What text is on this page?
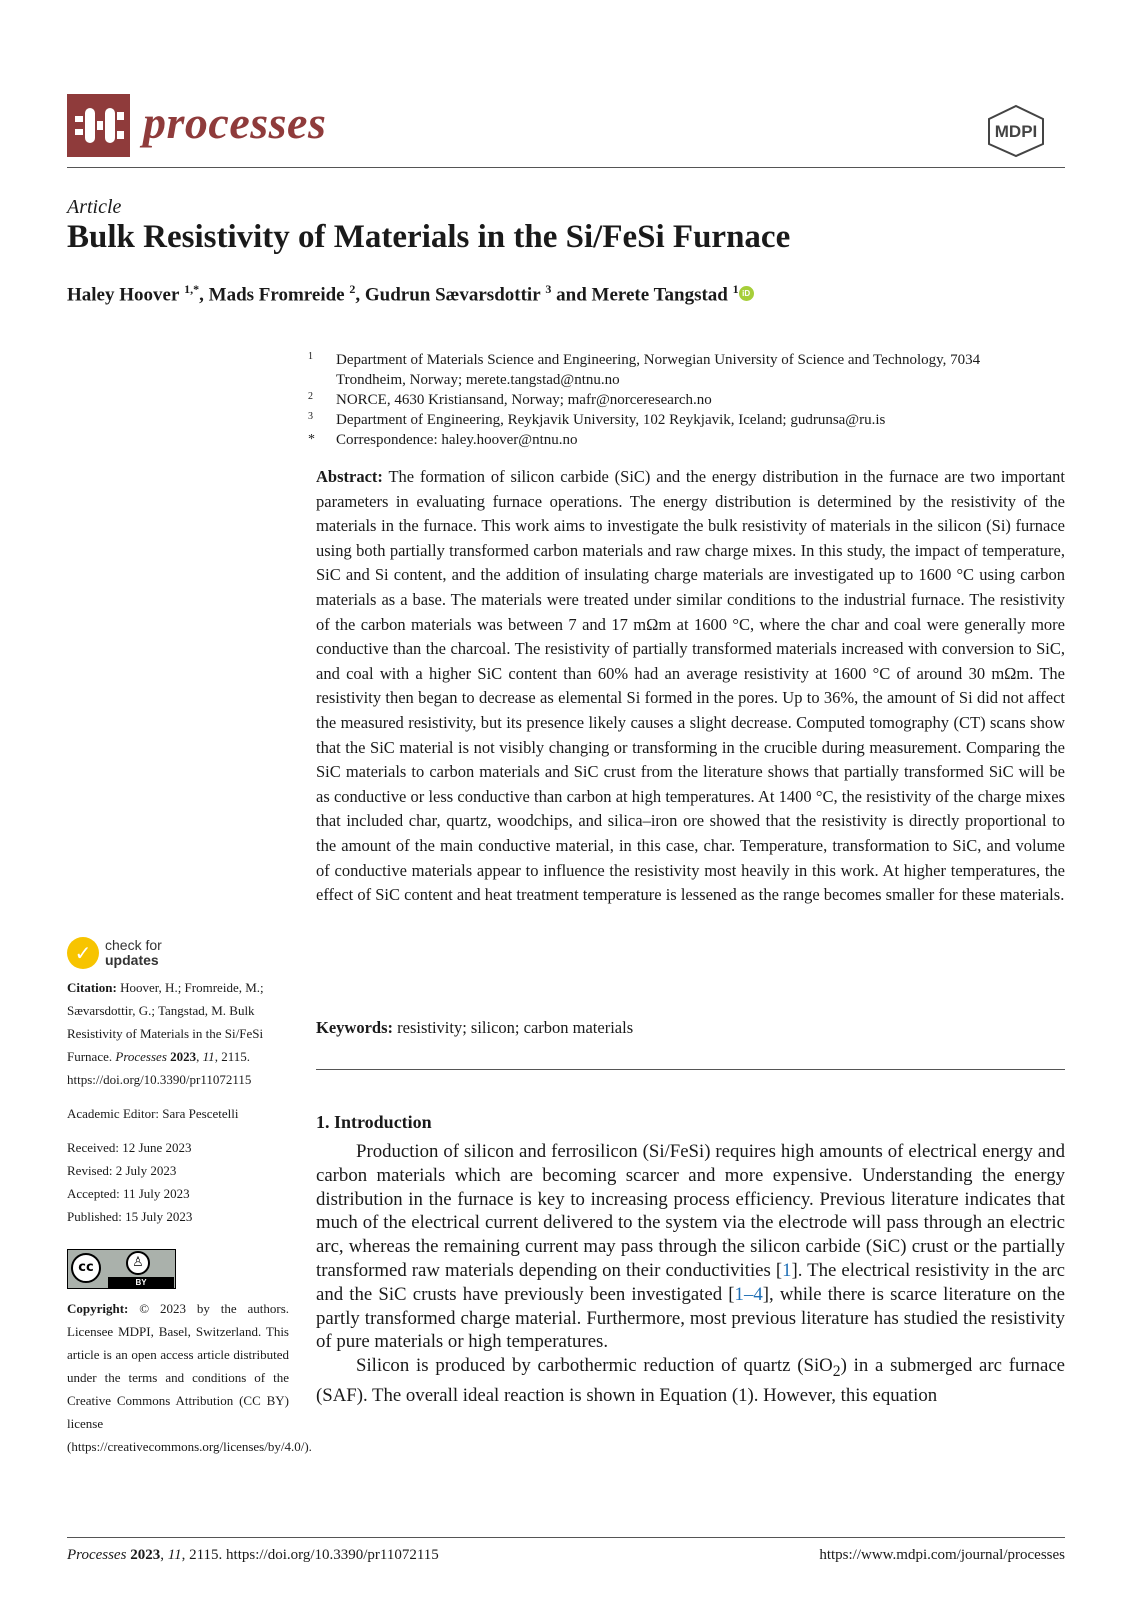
processes	MDPI
Article
Bulk Resistivity of Materials in the Si/FeSi Furnace
Haley Hoover $^{1,*}$, Mads Fromreide $^2$, Gudrun Sævarsdottir $^3$ and Merete Tangstad $^1$ iD
1	Department of Materials Science and Engineering, Norwegian University of Science and Technology, 7034 Trondheim, Norway; merete.tangstad@ntnu.no
2	NORCE, 4630 Kristiansand, Norway; mafr@norceresearch.no
3	Department of Engineering, Reykjavik University, 102 Reykjavik, Iceland; gudrunsa@ru.is
*	Correspondence: haley.hoover@ntnu.no
Abstract: The formation of silicon carbide (SiC) and the energy distribution in the furnace are two important parameters in evaluating furnace operations. The energy distribution is determined by the resistivity of the materials in the furnace. This work aims to investigate the bulk resistivity of materials in the silicon (Si) furnace using both partially transformed carbon materials and raw charge mixes. In this study, the impact of temperature, SiC and Si content, and the addition of insulating charge materials are investigated up to 1600 °C using carbon materials as a base. The materials were treated under similar conditions to the industrial furnace. The resistivity of the carbon materials was between 7 and 17 mΩm at 1600 °C, where the char and coal were generally more conductive than the charcoal. The resistivity of partially transformed materials increased with conversion to SiC, and coal with a higher SiC content than 60% had an average resistivity at 1600 °C of around 30 mΩm. The resistivity then began to decrease as elemental Si formed in the pores. Up to 36%, the amount of Si did not affect the measured resistivity, but its presence likely causes a slight decrease. Computed tomography (CT) scans show that the SiC material is not visibly changing or transforming in the crucible during measurement. Comparing the SiC materials to carbon materials and SiC crust from the literature shows that partially transformed SiC will be as conductive or less conductive than carbon at high temperatures. At 1400 °C, the resistivity of the charge mixes that included char, quartz, woodchips, and silica–iron ore showed that the resistivity is directly proportional to the amount of the main conductive material, in this case, char. Temperature, transformation to SiC, and volume of conductive materials appear to influence the resistivity most heavily in this work. At higher temperatures, the effect of SiC content and heat treatment temperature is lessened as the range becomes smaller for these materials.
Keywords: resistivity; silicon; carbon materials
1. Introduction

Production of silicon and ferrosilicon (Si/FeSi) requires high amounts of electrical energy and carbon materials which are becoming scarcer and more expensive. Understanding the energy distribution in the furnace is key to increasing process efficiency. Previous literature indicates that much of the electrical current delivered to the system via the electrode will pass through an electric arc, whereas the remaining current may pass through the silicon carbide (SiC) crust or the partially transformed raw materials depending on their conductivities [1]. The electrical resistivity in the arc and the SiC crusts have previously been investigated [1–4], while there is scarce literature on the partly transformed charge material. Furthermore, most previous literature has studied the resistivity of pure materials or high temperatures.

Silicon is produced by carbothermic reduction of quartz (SiO$_2$) in a submerged arc furnace (SAF). The overall ideal reaction is shown in Equation (1). However, this equation

✓ check for
updates
Citation: Hoover, H.; Fromreide, M.; Sævarsdottir, G.; Tangstad, M. Bulk Resistivity of Materials in the Si/FeSi Furnace. Processes 2023, 11, 2115. https://doi.org/10.3390/pr11072115
Academic Editor: Sara Pescetelli
Received: 12 June 2023
Revised: 2 July 2023
Accepted: 11 July 2023
Published: 15 July 2023
cc	♙
BY
Copyright: © 2023 by the authors. Licensee MDPI, Basel, Switzerland. This article is an open access article distributed under the terms and conditions of the Creative Commons Attribution (CC BY) license (https://creativecommons.org/licenses/by/4.0/).
Processes 2023, 11, 2115. https://doi.org/10.3390/pr11072115	https://www.mdpi.com/journal/processes
